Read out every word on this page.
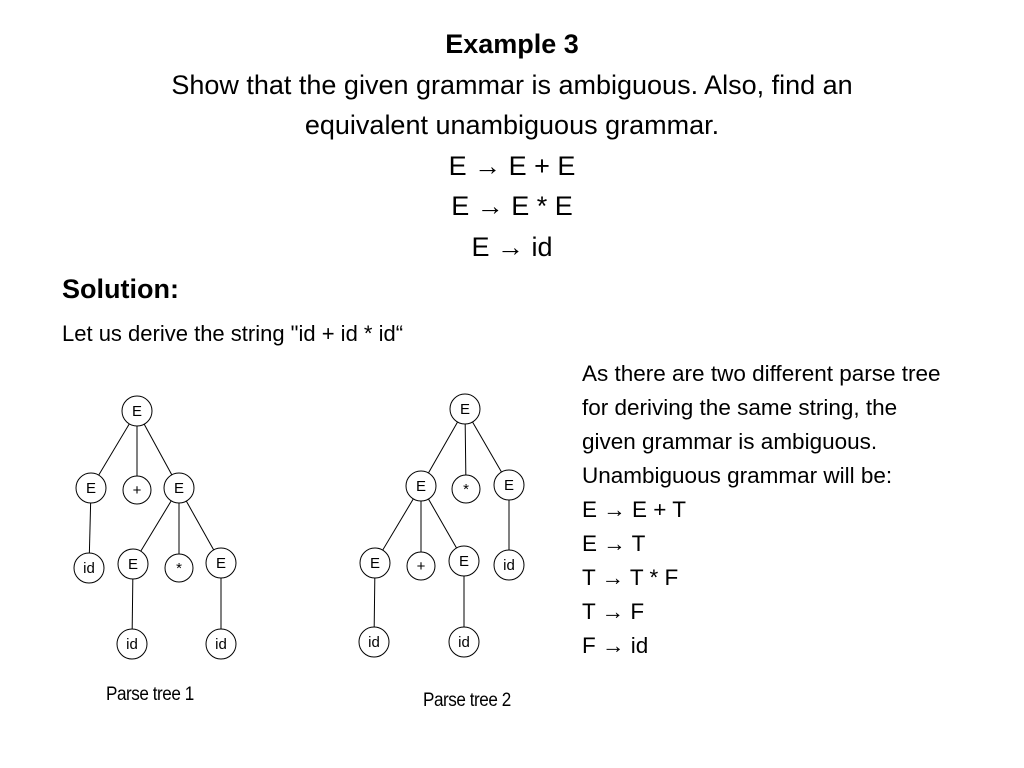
Example 3
Show that the given grammar is ambiguous. Also, find an
equivalent unambiguous grammar.
E → E + E
E → E * E
E → id
Solution:
Let us derive the string "id + id * id“
E
E + E
id E	* E
id	id
E
E * E
E + E id
id	id
Parse tree 1	Parse tree 2
As there are two different parse tree
for deriving the same string, the
given grammar is ambiguous.
Unambiguous grammar will be:
E → E + T
E → T
T → T * F
T → F
F → id
